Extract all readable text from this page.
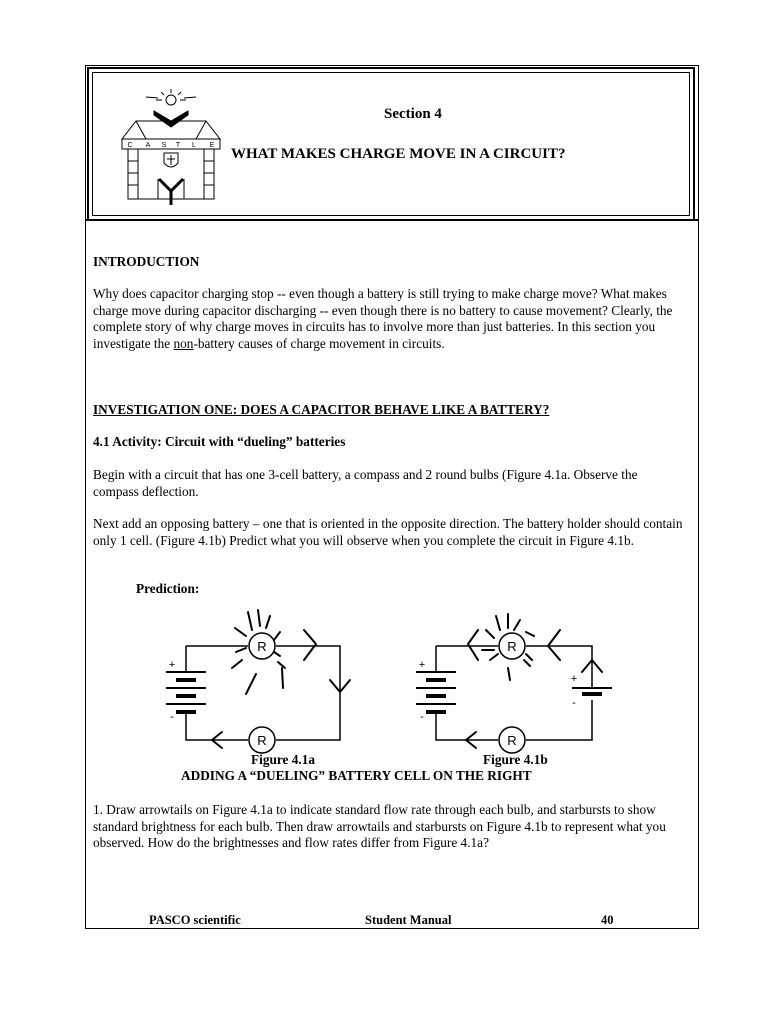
C A S T L E
Section 4
WHAT MAKES CHARGE MOVE IN A CIRCUIT?
INTRODUCTION
Why does capacitor charging stop -- even though a battery is still trying to make charge move? What makes charge move during capacitor discharging -- even though there is no battery to cause movement? Clearly, the complete story of why charge moves in circuits has to involve more than just batteries. In this section you investigate the non-battery causes of charge movement in circuits.
INVESTIGATION ONE: DOES A CAPACITOR BEHAVE LIKE A BATTERY?
4.1 Activity: Circuit with “dueling” batteries
Begin with a circuit that has one 3-cell battery, a compass and 2 round bulbs (Figure 4.1a. Observe the compass deflection.
Next add an opposing battery – one that is oriented in the opposite direction. The battery holder should contain only 1 cell. (Figure 4.1b) Predict what you will observe when you complete the circuit in Figure 4.1b.
Prediction:
R
R
R
R
+
-
+
-
+
-
Figure 4.1a	Figure 4.1b
ADDING A “DUELING” BATTERY CELL ON THE RIGHT
1. Draw arrowtails on Figure 4.1a to indicate standard flow rate through each bulb, and starbursts to show standard brightness for each bulb. Then draw arrowtails and starbursts on Figure 4.1b to represent what you observed. How do the brightnesses and flow rates differ from Figure 4.1a?
PASCO scientific	Student Manual	40
